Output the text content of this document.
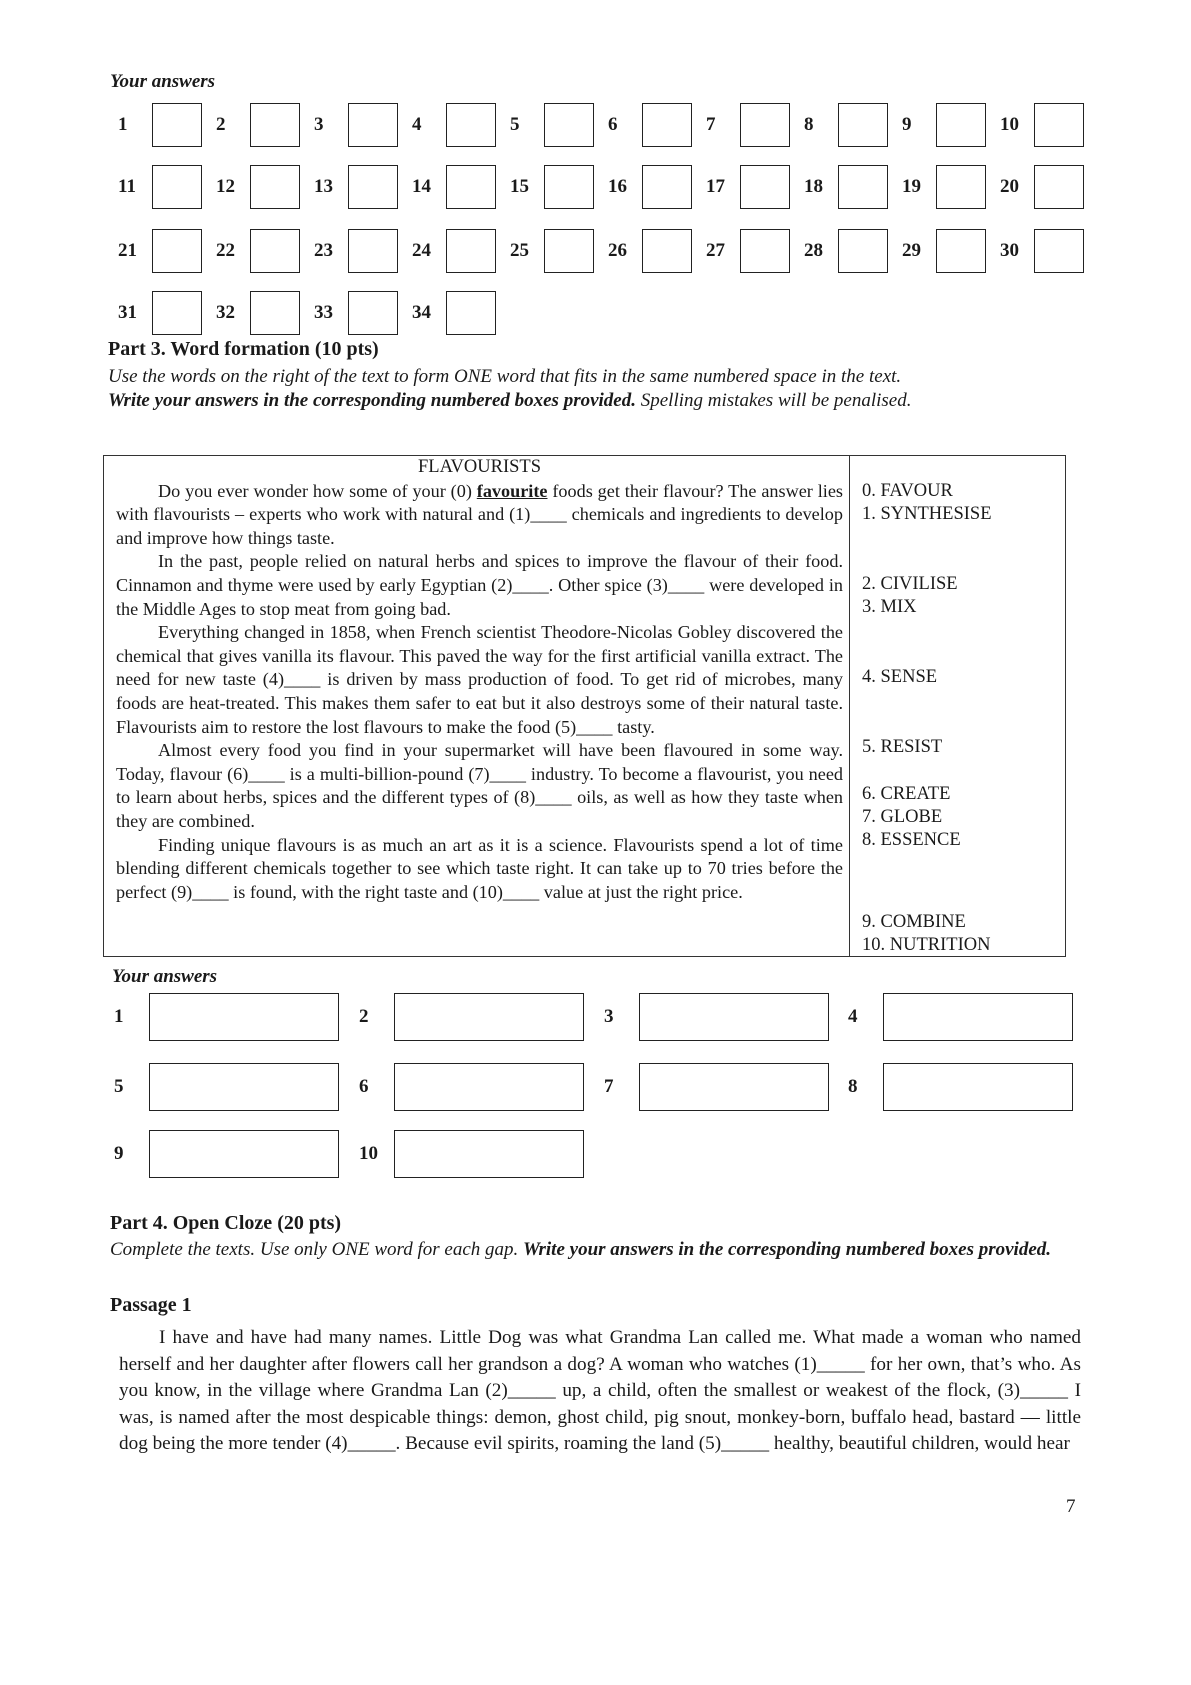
Your answers
1	2	3	4	5	6	7	8	9	10
11	12	13	14	15	16	17	18	19	20
21	22	23	24	25	26	27	28	29	30
31	32	33	34
Part 3. Word formation (10 pts)
Use the words on the right of the text to form ONE word that fits in the same numbered space in the text.
Write your answers in the corresponding numbered boxes provided. Spelling mistakes will be penalised.
FLAVOURISTS

Do you ever wonder how some of your (0) favourite foods get their flavour? The answer lies with flavourists – experts who work with natural and (1)____ chemicals and ingredients to develop and improve how things taste.

In the past, people relied on natural herbs and spices to improve the flavour of their food. Cinnamon and thyme were used by early Egyptian (2)____. Other spice (3)____ were developed in the Middle Ages to stop meat from going bad.

Everything changed in 1858, when French scientist Theodore-Nicolas Gobley discovered the chemical that gives vanilla its flavour. This paved the way for the first artificial vanilla extract. The need for new taste (4)____ is driven by mass production of food. To get rid of microbes, many foods are heat-treated. This makes them safer to eat but it also destroys some of their natural taste. Flavourists aim to restore the lost flavours to make the food (5)____ tasty.

Almost every food you find in your supermarket will have been flavoured in some way. Today, flavour (6)____ is a multi-billion-pound (7)____ industry. To become a flavourist, you need to learn about herbs, spices and the different types of (8)____ oils, as well as how they taste when they are combined.

Finding unique flavours is as much an art as it is a science. Flavourists spend a lot of time blending different chemicals together to see which taste right. It can take up to 70 tries before the perfect (9)____ is found, with the right taste and (10)____ value at just the right price.

0. FAVOUR
1. SYNTHESISE
2. CIVILISE
3. MIX
4. SENSE
5. RESIST
6. CREATE
7. GLOBE
8. ESSENCE
9. COMBINE
10. NUTRITION
Your answers
1	2	3	4
5	6	7	8
9	10
Part 4. Open Cloze (20 pts)
Complete the texts. Use only ONE word for each gap. Write your answers in the corresponding numbered boxes provided.
Passage 1

I have and have had many names. Little Dog was what Grandma Lan called me. What made a woman who named herself and her daughter after flowers call her grandson a dog? A woman who watches (1)_____ for her own, that’s who. As you know, in the village where Grandma Lan (2)_____ up, a child, often the smallest or weakest of the flock, (3)_____ I was, is named after the most despicable things: demon, ghost child, pig snout, monkey-born, buffalo head, bastard — little dog being the more tender (4)_____. Because evil spirits, roaming the land (5)_____ healthy, beautiful children, would hear

7
